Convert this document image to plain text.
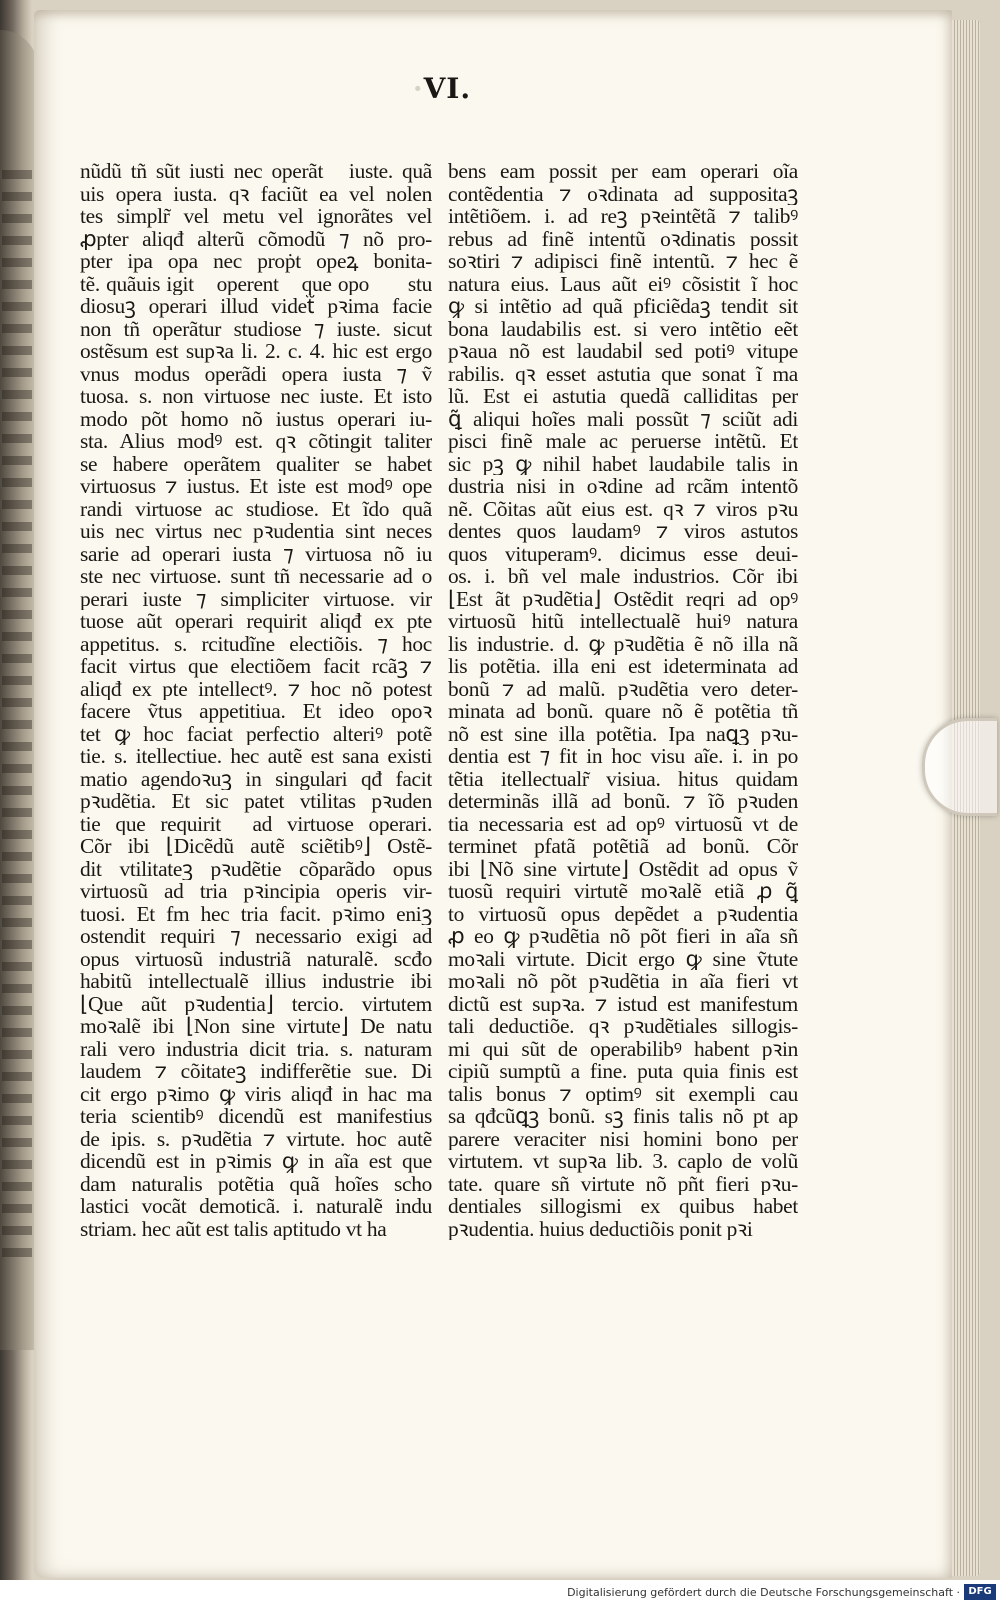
·VI.
nũdũ tñ sũt iusti nec operãt᷑ iuste. quã
uis opera iusta. qꝛ faciũt ea vel nolen
tes simplr̃ vel metu vel ignorãtes vel
ꝓpter aliqđ alterũ cõmodũ ⁊ nõ pro-
pter ipa opa nec proṗt opeꝝ bonita-
tẽ. quãuis igit᷑ operent᷑ que opoꝛꝫ stu
diosuꝫ operari illud videt᷑ pꝛima facie
non tñ operãtur studiose ⁊ iuste. sicut
ostẽsum est supꝛa li. 2. c. 4. hic est ergo
vnus modus operãdi opera iusta ⁊ ṽ
tuosa. s. non virtuose nec iuste. Et isto
modo põt homo nõ iustus operari iu-
sta. Alius modꝰ est. qꝛ cõtingit taliter
se habere operãtem qualiter se habet
virtuosus ⁊ iustus. Et iste est modꝰ ope
randi virtuose ac studiose. Et ĩdo quã
uis nec virtus nec pꝛudentia sint neces
sarie ad operari iusta ⁊ virtuosa nõ iu
ste nec virtuose. sunt tñ necessarie ad o
perari iuste ⁊ simpliciter virtuose. vir
tuose aũt operari requirit aliqđ ex pte
appetitus. s. rcitudĩne electiõis. ⁊ hoc
facit virtus que electiõem facit rcãꝫ ⁊
aliqđ ex pte intellectꝰ. ⁊ hoc nõ potest
facere ṽtus appetitiua. Et ideo opoꝛ
tet ꝙ hoc faciat perfectio alteriꝰ potẽ
tie. s. itellectiue. hec autẽ est sana existi
matio agendoꝛuꝫ in singulari qđ facit
pꝛudẽtia. Et sic patet vtilitas pꝛuden
tie que requirit᷑ ad virtuose operari.
Cõr ibi ⌊Dicẽdũ autẽ sciẽtibꝰ⌋ Ostẽ-
dit vtilitateꝫ pꝛudẽtie cõparãdo opus
virtuosũ ad tria pꝛincipia operis vir-
tuosi. Et fm hec tria facit. pꝛimo eniꝫ
ostendit requiri ⁊ necessario exigi ad
opus virtuosũ industriã naturalẽ. scđo
habitũ intellectualẽ illius industrie ibi
⌊Que aũt pꝛudentia⌋ tercio. virtutem
moꝛalẽ ibi ⌊Non sine virtute⌋ De natu
rali vero industria dicit tria. s. naturam
laudem ⁊ cõitateꝫ indifferẽtie sue. Di
cit ergo pꝛimo ꝙ viris aliqđ in hac ma
teria scientibꝰ dicendũ est manifestius
de ipis. s. pꝛudẽtia ⁊ virtute. hoc autẽ
dicendũ est in pꝛimis ꝙ in aĩa est que
dam naturalis potẽtia quã hoĩes scho
lastici vocãt demoticã. i. naturalẽ indu
striam. hec aũt est talis aptitudo vt ha
bens eam possit per eam operari oĩa
contẽdentia ⁊ oꝛdinata ad suppositaꝫ
intẽtiõem. i. ad reꝫ pꝛeintẽtã ⁊ talibꝰ
rebus ad finẽ intentũ oꝛdinatis possit
soꝛtiri ⁊ adipisci finẽ intentũ. ⁊ hec ẽ
natura eius. Laus aũt eiꝰ cõsistit ĩ hoc
ꝙ si intẽtio ad quã pficiẽdaꝫ tendit sit
bona laudabilis est. si vero intẽtio eẽt
pꝛaua nõ est laudabil᷑ sed potiꝰ vitupe
rabilis. qꝛ esset astutia que sonat ĩ ma
lũ. Est ei astutia quedã calliditas per
ꝗ̃ aliqui hoĩes mali possũt ⁊ sciũt adi
pisci finẽ male ac peruerse intẽtũ. Et
sic pꝫ ꝙ nihil habet laudabile talis in
dustria nisi in oꝛdine ad rcãm intentõ
nẽ. Cõitas aũt eius est. qꝛ ⁊ viros pꝛu
dentes quos laudamꝰ ⁊ viros astutos
quos vituperamꝰ. dicimus esse deui-
os. i. bñ vel male industrios. Cõr ibi
⌊Est ãt pꝛudẽtia⌋ Ostẽdit reqri ad opꝰ
virtuosũ hitũ intellectualẽ huiꝰ natura
lis industrie. d. ꝙ pꝛudẽtia ẽ nõ illa nã
lis potẽtia. illa eni est ideterminata ad
bonũ ⁊ ad malũ. pꝛudẽtia vero deter-
minata ad bonũ. quare nõ ẽ potẽtia tñ
nõ est sine illa potẽtia. Ipa naꝗꝫ pꝛu-
dentia est ⁊ fit in hoc visu aĩe. i. in po
tẽtia itellectualr̃ visiua. hitus quidam
determinãs illã ad bonũ. ⁊ ĩõ pꝛuden
tia necessaria est ad opꝰ virtuosũ vt de
terminet pfatã potẽtiã ad bonũ. Cõr
ibi ⌊Nõ sine virtute⌋ Ostẽdit ad opus ṽ
tuosũ requiri virtutẽ moꝛalẽ etiã ꝓ ꝗ̃
to virtuosũ opus depẽdet a pꝛudentia
ꝓ eo ꝙ pꝛudẽtia nõ põt fieri in aĩa sñ
moꝛali virtute. Dicit ergo ꝙ sine ṽtute
moꝛali nõ põt pꝛudẽtia in aĩa fieri vt
dictũ est supꝛa. ⁊ istud est manifestum
tali deductiõe. qꝛ pꝛudẽtiales sillogis-
mi qui sũt de operabilibꝰ habent pꝛin
cipiũ sumptũ a fine. puta quia finis est
talis bonus ⁊ optimꝰ sit exempli cau
sa qđcũꝗꝫ bonũ. sꝫ finis talis nõ pt ap
parere veraciter nisi homini bono per
virtutem. vt supꝛa lib. 3. caplo de volũ
tate. quare sñ virtute nõ pñt fieri pꝛu-
dentiales sillogismi ex quibus habet
pꝛudentia. huius deductiõis ponit pꝛi
Digitalisierung gefördert durch die Deutsche Forschungsgemeinschaft · DFG
